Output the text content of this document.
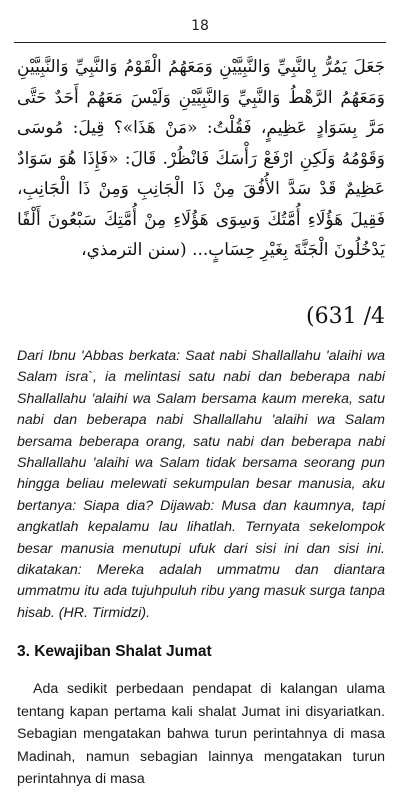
18
جَعَلَ يَمُرُّ بِالنَّبِيِّ وَالنَّبِيَّيْنِ وَمَعَهُمُ الْقَوْمُ وَالنَّبِيِّ وَالنَّبِيَّيْنِ وَمَعَهُمُ الرَّهْطُ وَالنَّبِيِّ وَالنَّبِيَّيْنِ وَلَيْسَ مَعَهُمْ أَحَدٌ حَتَّى مَرَّ بِسَوَادٍ عَظِيمٍ، فَقُلْتُ: «مَنْ هَذَا»؟ قِيلَ: مُوسَى وَقَوْمُهُ وَلَكِنِ ارْفَعْ رَأْسَكَ فَانْظُرْ. قَالَ: «فَإِذَا هُوَ سَوَادٌ عَظِيمٌ قَدْ سَدَّ الأُفُقَ مِنْ ذَا الْجَانِبِ وَمِنْ ذَا الْجَانِبِ، فَقِيلَ هَؤُلَاءِ أُمَّتُكَ وَسِوَى هَؤُلَاءِ مِنْ أُمَّتِكَ سَبْعُونَ أَلْفًا يَدْخُلُونَ الْجَنَّةَ بِغَيْرِ حِسَابٍ... (سنن الترمذي،
4/ 631)
Dari Ibnu 'Abbas berkata: Saat nabi Shallallahu 'alaihi wa Salam isra`, ia melintasi satu nabi dan beberapa nabi Shallallahu 'alaihi wa Salam bersama kaum mereka, satu nabi dan beberapa nabi Shallallahu 'alaihi wa Salam bersama beberapa orang, satu nabi dan beberapa nabi Shallallahu 'alaihi wa Salam tidak bersama seorang pun hingga beliau melewati sekumpulan besar manusia, aku bertanya: Siapa dia? Dijawab: Musa dan kaumnya, tapi angkatlah kepalamu lau lihatlah. Ternyata sekelompok besar manusia menutupi ufuk dari sisi ini dan sisi ini. dikatakan: Mereka adalah ummatmu dan diantara ummatmu itu ada tujuhpuluh ribu yang masuk surga tanpa hisab. (HR. Tirmidzi).
3. Kewajiban Shalat Jumat
Ada sedikit perbedaan pendapat di kalangan ulama tentang kapan pertama kali shalat Jumat ini disyariatkan. Sebagian mengatakan bahwa turun perintahnya di masa Madinah, namun sebagian lainnya mengatakan turun perintahnya di masa
